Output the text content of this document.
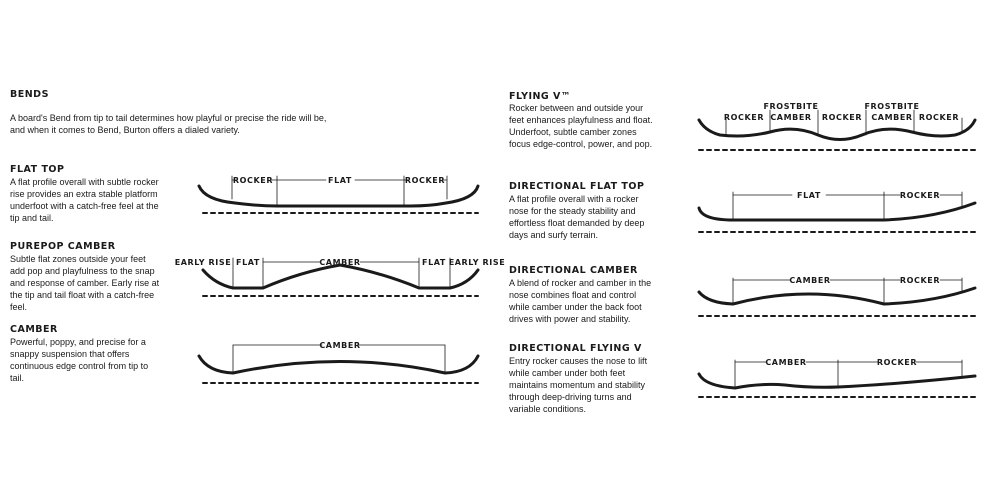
BENDS

A board's Bend from tip to tail determines how playful or precise the ride will be, and when it comes to Bend, Burton offers a dialed variety.

FLAT TOP

A flat profile overall with subtle rocker rise provides an extra stable platform underfoot with a catch-free feel at the tip and tail.

PUREPOP CAMBER

Subtle flat zones outside your feet add pop and playfulness to the snap and response of camber. Early rise at the tip and tail float with a catch-free feel.

CAMBER

Powerful, poppy, and precise for a snappy suspension that offers continuous edge control from tip to tail.

FLYING V™

Rocker between and outside your feet enhances playfulness and float. Underfoot, subtle camber zones focus edge-control, power, and pop.

DIRECTIONAL FLAT TOP

A flat profile overall with a rocker nose for the steady stability and effortless float demanded by deep days and surfy terrain.

DIRECTIONAL CAMBER

A blend of rocker and camber in the nose combines float and control while camber under the back foot drives with power and stability.

DIRECTIONAL FLYING V

Entry rocker causes the nose to lift while camber under both feet maintains momentum and stability through deep-driving turns and variable conditions.

ROCKER	FLAT	ROCKER
EARLY RISE FLAT	CAMBER	FLAT EARLY RISE
CAMBER
ROCKER
FROSTBITE
CAMBER ROCKER
FROSTBITE
CAMBER ROCKER
FLAT	ROCKER
CAMBER	ROCKER
CAMBER	ROCKER
